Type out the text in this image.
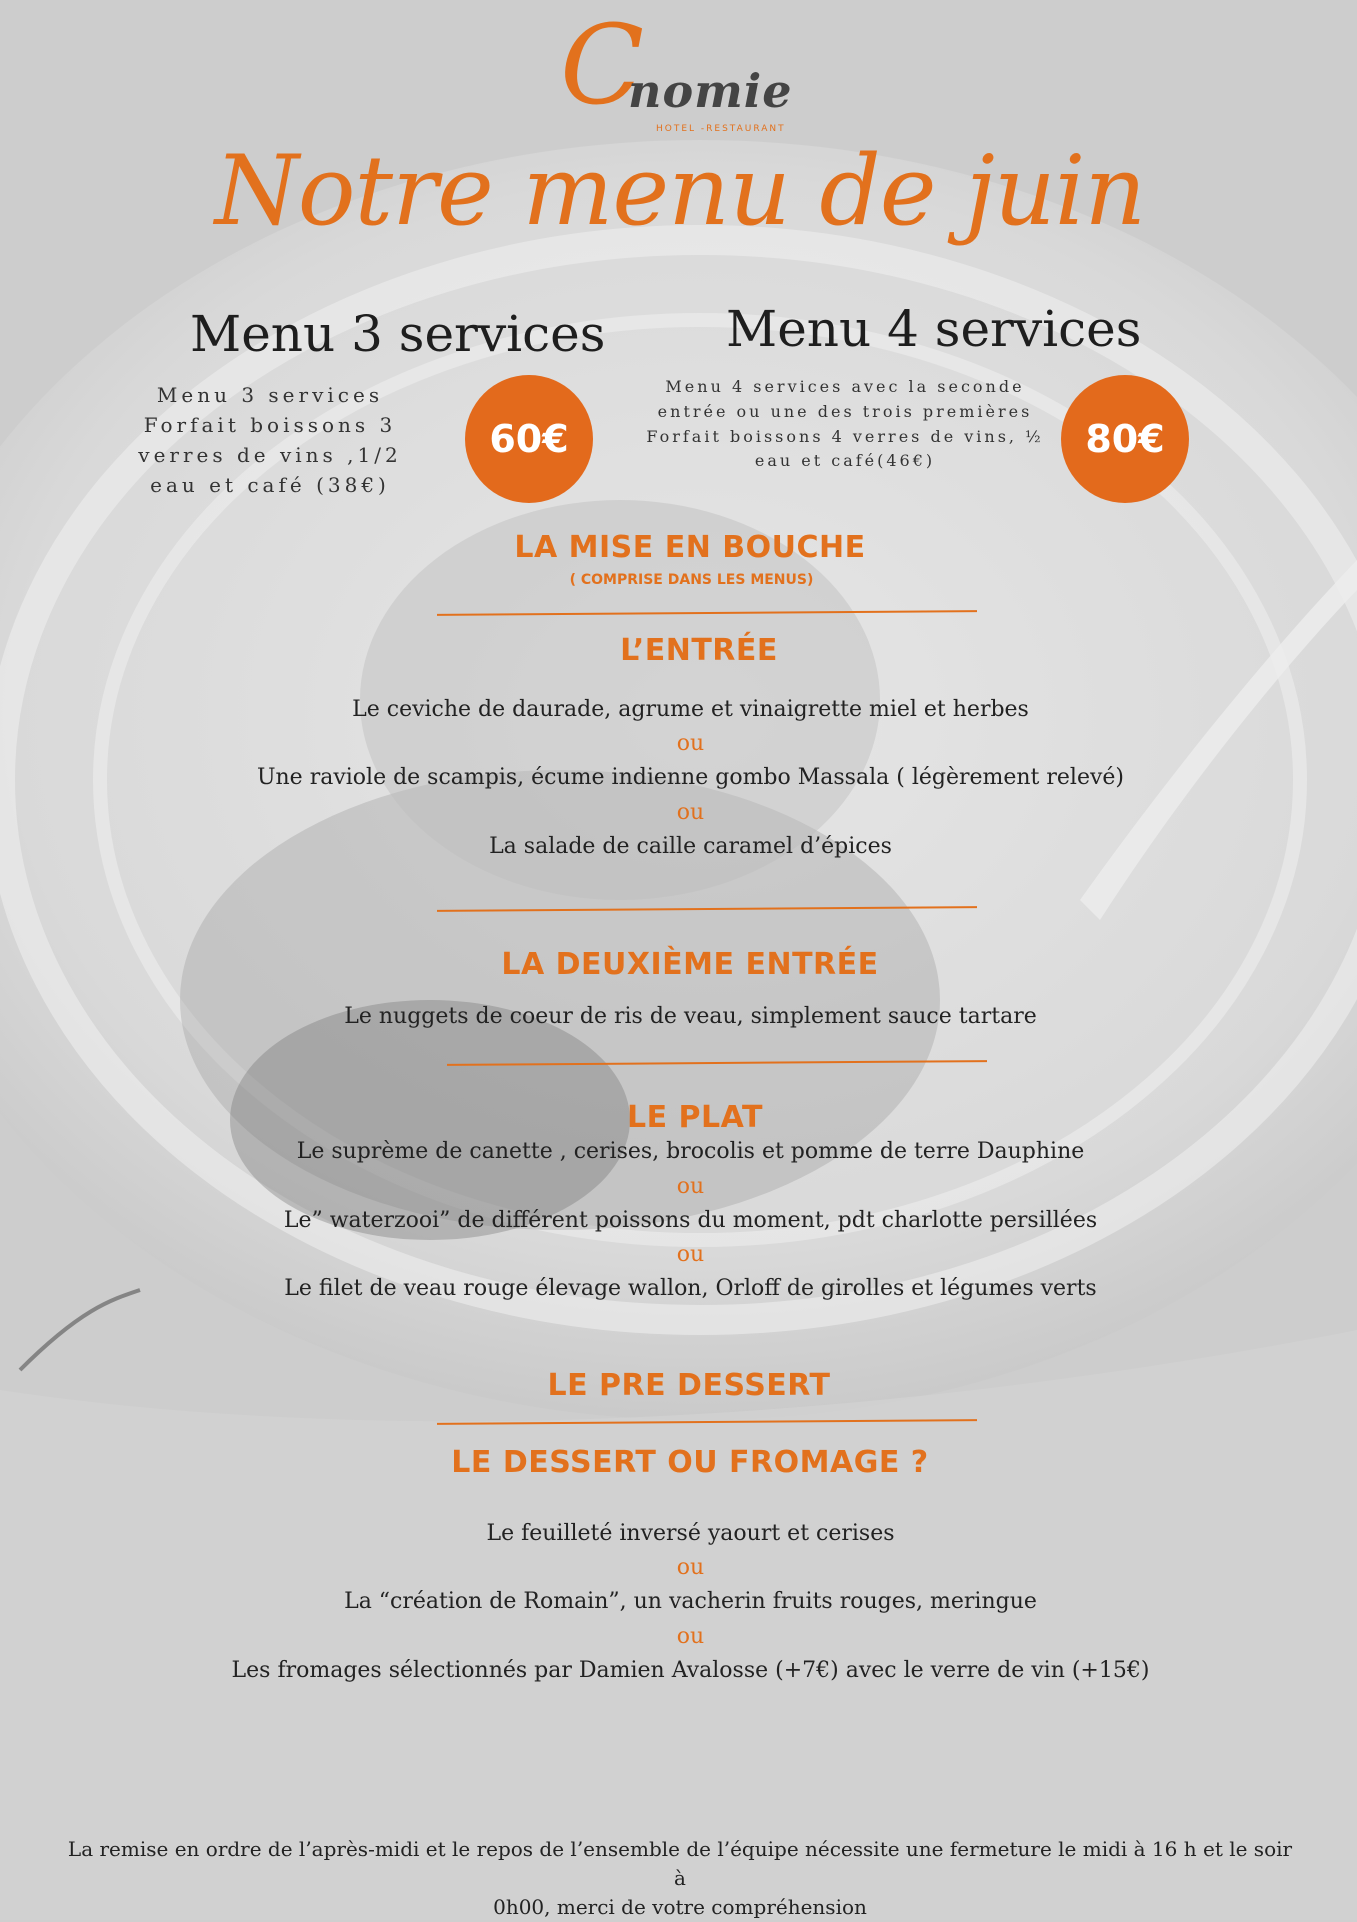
C
nomie
HOTEL -RESTAURANT
Notre menu de juin
Menu 3 services
Menu 3 services
Forfait boissons 3
verres de vins ,1/2
eau et café (38€)
60€
Menu 4 services
Menu 4 services avec la seconde
entrée ou une des trois premières
Forfait boissons 4 verres de vins, ½
eau et café(46€)	80€
LA MISE EN BOUCHE
( COMPRISE DANS LES MENUS)
L’ENTRÉE
Le ceviche de daurade, agrume et vinaigrette miel et herbes
ou
Une raviole de scampis, écume indienne gombo Massala ( légèrement relevé)
ou
La salade de caille caramel d’épices
LA DEUXIÈME ENTRÉE
Le nuggets de coeur de ris de veau, simplement sauce tartare
LE PLAT
Le suprème de canette , cerises, brocolis et pomme de terre Dauphine
ou
Le” waterzooi” de différent poissons du moment, pdt charlotte persillées
ou
Le filet de veau rouge élevage wallon, Orloff de girolles et légumes verts
LE PRE DESSERT
LE DESSERT OU FROMAGE ?
Le feuilleté inversé yaourt et cerises
ou
La “création de Romain”, un vacherin fruits rouges, meringue
ou
Les fromages sélectionnés par Damien Avalosse (+7€) avec le verre de vin (+15€)
La remise en ordre de l’après-midi et le repos de l’ensemble de l’équipe nécessite une fermeture le midi à 16 h et le soir à
0h00, merci de votre compréhension
